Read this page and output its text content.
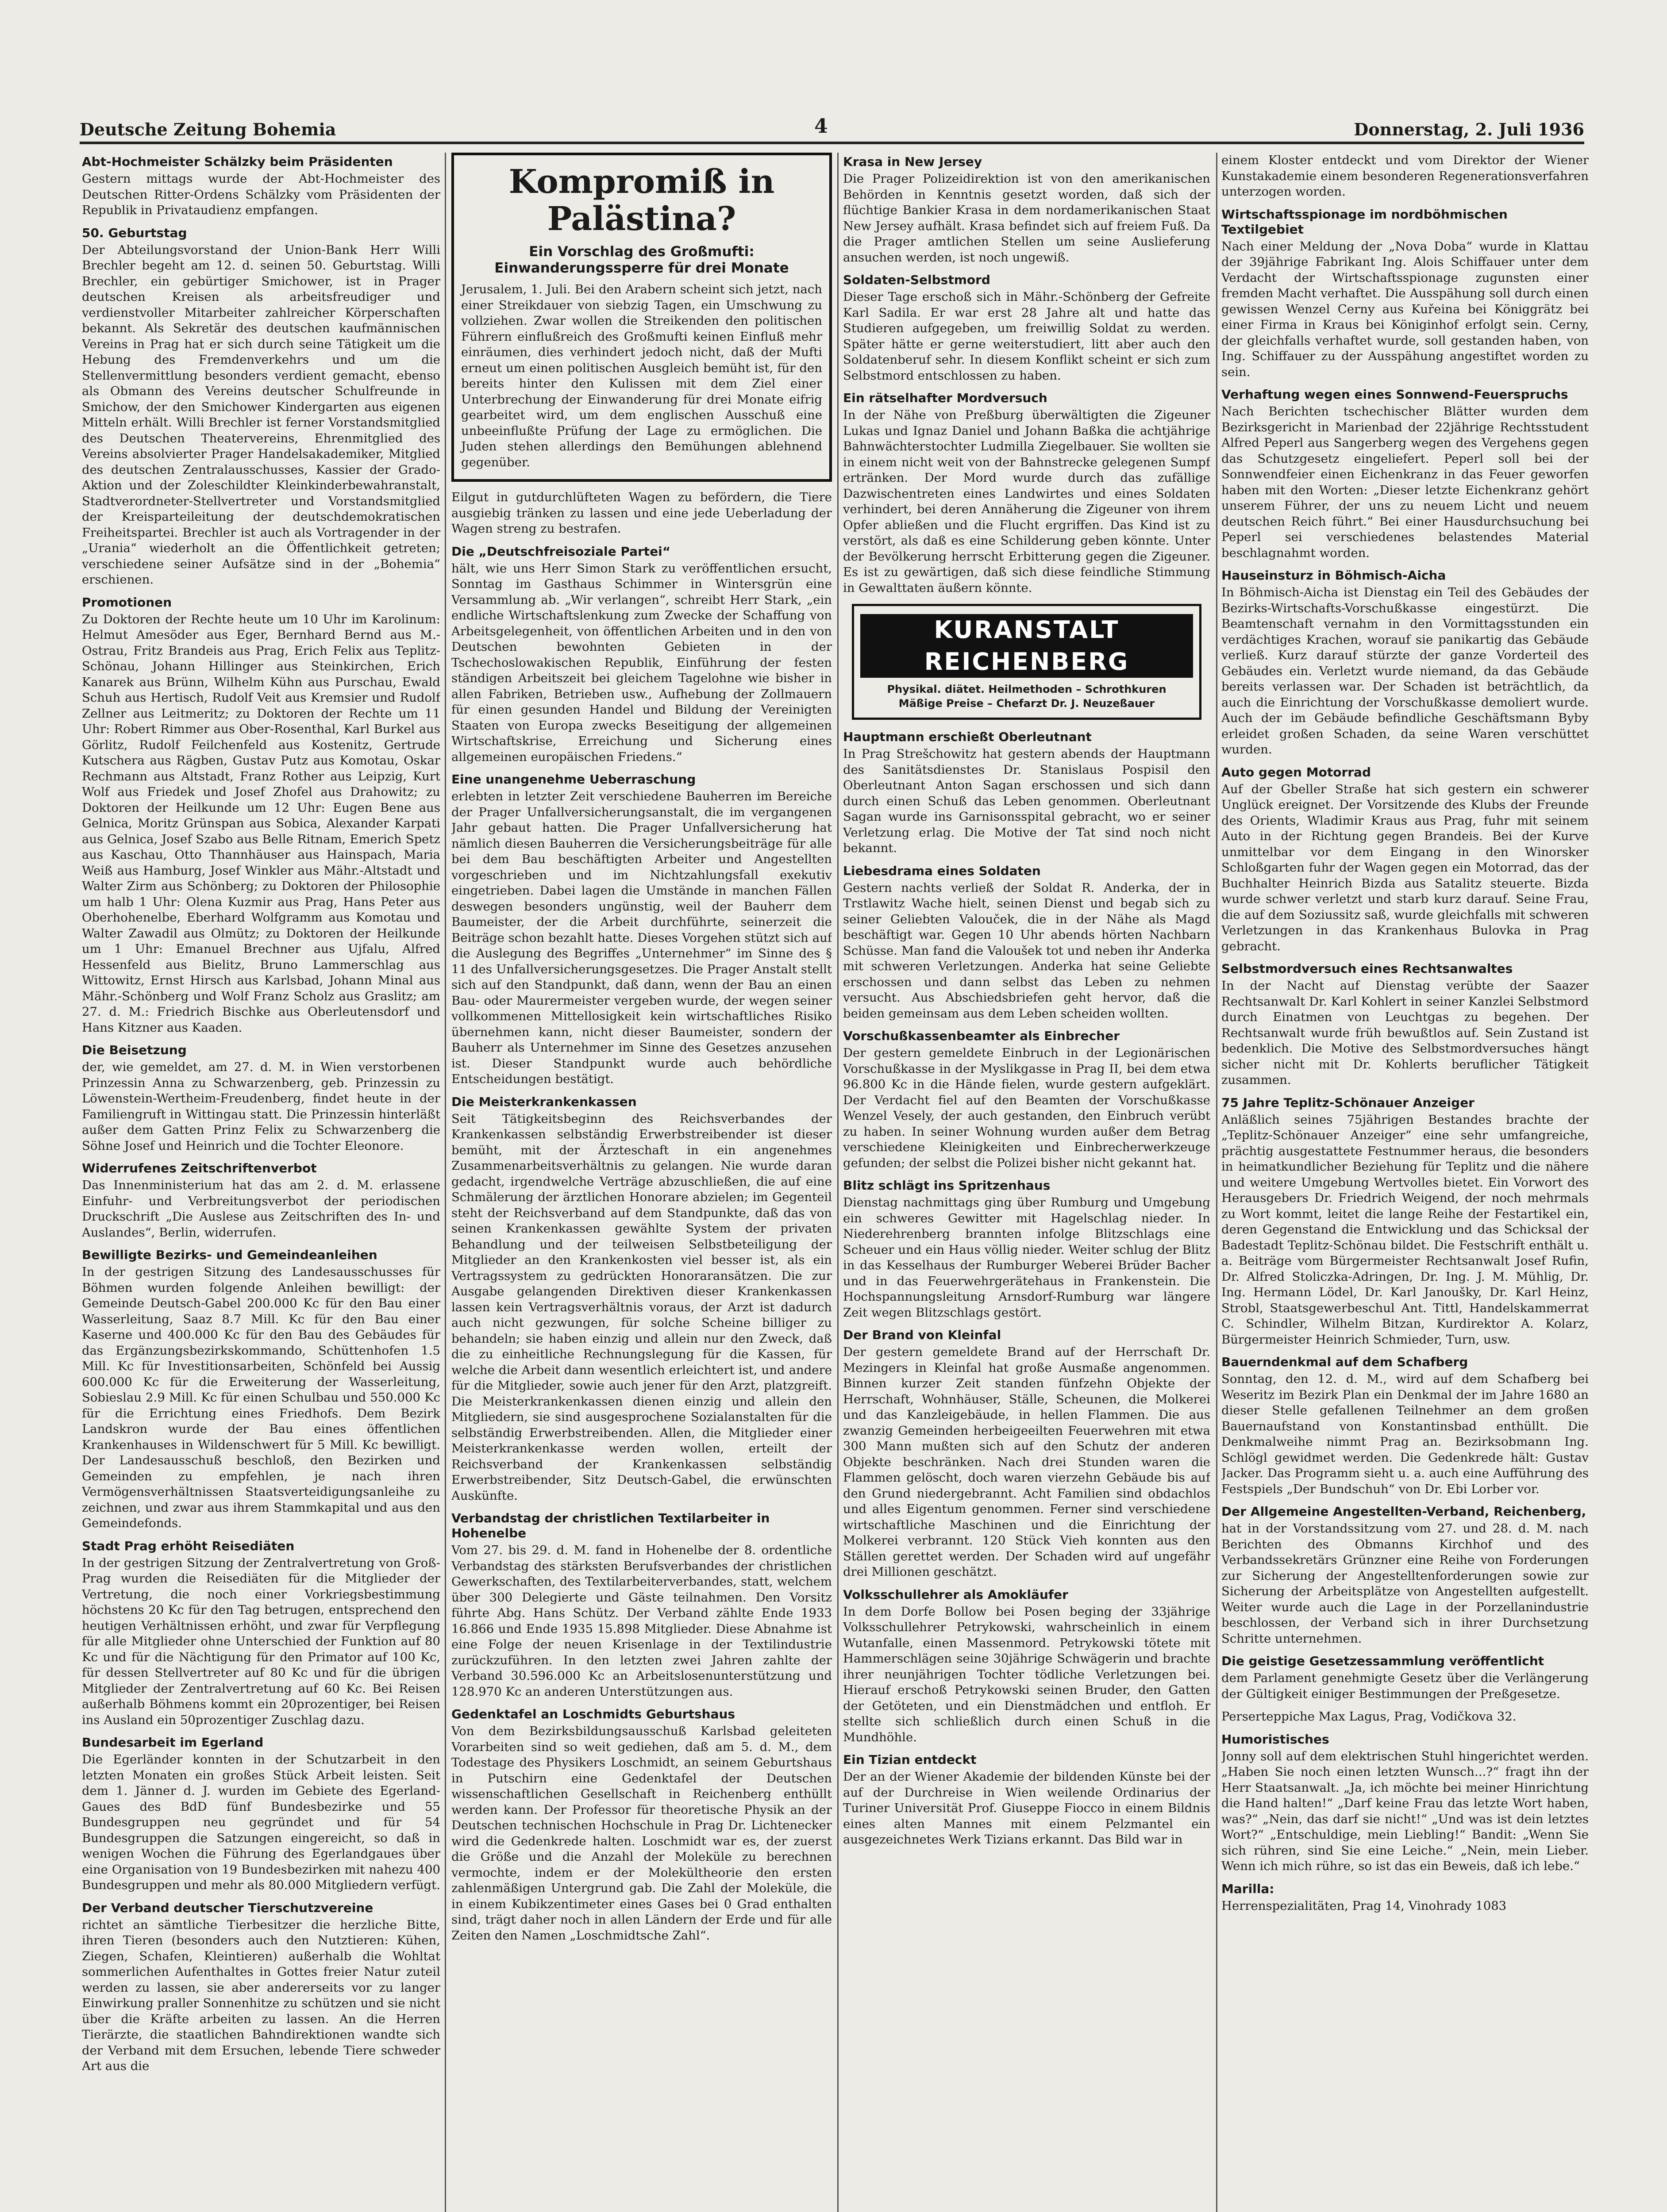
Deutsche Zeitung Bohemia	4	Donnerstag, 2. Juli 1936
Abt-Hochmeister Schälzky beim Präsidenten

Gestern mittags wurde der Abt-Hochmeister des Deutschen Ritter-Ordens Schälzky vom Präsidenten der Republik in Privataudienz empfangen.

50. Geburtstag

Der Abteilungsvorstand der Union-Bank Herr Willi Brechler begeht am 12. d. seinen 50. Geburtstag. Willi Brechler, ein gebürtiger Smichower, ist in Prager deutschen Kreisen als arbeitsfreudiger und verdienstvoller Mitarbeiter zahlreicher Körperschaften bekannt. Als Sekretär des deutschen kaufmännischen Vereins in Prag hat er sich durch seine Tätigkeit um die Hebung des Fremdenverkehrs und um die Stellenvermittlung besonders verdient gemacht, ebenso als Obmann des Vereins deutscher Schulfreunde in Smichow, der den Smichower Kindergarten aus eigenen Mitteln erhält. Willi Brechler ist ferner Vorstandsmitglied des Deutschen Theatervereins, Ehrenmitglied des Vereins absolvierter Prager Handelsakademiker, Mitglied des deutschen Zentralausschusses, Kassier der Grado-Aktion und der Zoleschildter Kleinkinderbewahranstalt, Stadtverordneter-Stellvertreter und Vorstandsmitglied der Kreisparteileitung der deutschdemokratischen Freiheitspartei. Brechler ist auch als Vortragender in der „Urania“ wiederholt an die Öffentlichkeit getreten; verschiedene seiner Aufsätze sind in der „Bohemia“ erschienen.

Promotionen

Zu Doktoren der Rechte heute um 10 Uhr im Karolinum: Helmut Amesöder aus Eger, Bernhard Bernd aus M.-Ostrau, Fritz Brandeis aus Prag, Erich Felix aus Teplitz-Schönau, Johann Hillinger aus Steinkirchen, Erich Kanarek aus Brünn, Wilhelm Kühn aus Purschau, Ewald Schuh aus Hertisch, Rudolf Veit aus Kremsier und Rudolf Zellner aus Leitmeritz; zu Doktoren der Rechte um 11 Uhr: Robert Rimmer aus Ober-Rosenthal, Karl Burkel aus Görlitz, Rudolf Feilchenfeld aus Kostenitz, Gertrude Kutschera aus Rägben, Gustav Putz aus Komotau, Oskar Rechmann aus Altstadt, Franz Rother aus Leipzig, Kurt Wolf aus Friedek und Josef Zhofel aus Drahowitz; zu Doktoren der Heilkunde um 12 Uhr: Eugen Bene aus Gelnica, Moritz Grünspan aus Sobica, Alexander Karpati aus Gelnica, Josef Szabo aus Belle Ritnam, Emerich Spetz aus Kaschau, Otto Thannhäuser aus Hainspach, Maria Weiß aus Hamburg, Josef Winkler aus Mähr.-Altstadt und Walter Zirm aus Schönberg; zu Doktoren der Philosophie um halb 1 Uhr: Olena Kuzmir aus Prag, Hans Peter aus Oberhohenelbe, Eberhard Wolfgramm aus Komotau und Walter Zawadil aus Olmütz; zu Doktoren der Heilkunde um 1 Uhr: Emanuel Brechner aus Ujfalu, Alfred Hessenfeld aus Bielitz, Bruno Lammerschlag aus Wittowitz, Ernst Hirsch aus Karlsbad, Johann Minal aus Mähr.-Schönberg und Wolf Franz Scholz aus Graslitz; am 27. d. M.: Friedrich Bischke aus Oberleutensdorf und Hans Kitzner aus Kaaden.

Die Beisetzung

der, wie gemeldet, am 27. d. M. in Wien verstorbenen Prinzessin Anna zu Schwarzenberg, geb. Prinzessin zu Löwenstein-Wertheim-Freudenberg, findet heute in der Familiengruft in Wittingau statt. Die Prinzessin hinterläßt außer dem Gatten Prinz Felix zu Schwarzenberg die Söhne Josef und Heinrich und die Tochter Eleonore.

Widerrufenes Zeitschriftenverbot

Das Innenministerium hat das am 2. d. M. erlassene Einfuhr- und Verbreitungsverbot der periodischen Druckschrift „Die Auslese aus Zeitschriften des In- und Auslandes“, Berlin, widerrufen.

Bewilligte Bezirks- und Gemeindeanleihen

In der gestrigen Sitzung des Landesausschusses für Böhmen wurden folgende Anleihen bewilligt: der Gemeinde Deutsch-Gabel 200.000 Kc für den Bau einer Wasserleitung, Saaz 8.7 Mill. Kc für den Bau einer Kaserne und 400.000 Kc für den Bau des Gebäudes für das Ergänzungsbezirkskommando, Schüttenhofen 1.5 Mill. Kc für Investitionsarbeiten, Schönfeld bei Aussig 600.000 Kc für die Erweiterung der Wasserleitung, Sobieslau 2.9 Mill. Kc für einen Schulbau und 550.000 Kc für die Errichtung eines Friedhofs. Dem Bezirk Landskron wurde der Bau eines öffentlichen Krankenhauses in Wildenschwert für 5 Mill. Kc bewilligt. Der Landesausschuß beschloß, den Bezirken und Gemeinden zu empfehlen, je nach ihren Vermögensverhältnissen Staatsverteidigungsanleihe zu zeichnen, und zwar aus ihrem Stammkapital und aus den Gemeindefonds.

Stadt Prag erhöht Reisediäten

In der gestrigen Sitzung der Zentralvertretung von Groß-Prag wurden die Reisediäten für die Mitglieder der Vertretung, die noch einer Vorkriegsbestimmung höchstens 20 Kc für den Tag betrugen, entsprechend den heutigen Verhältnissen erhöht, und zwar für Verpflegung für alle Mitglieder ohne Unterschied der Funktion auf 80 Kc und für die Nächtigung für den Primator auf 100 Kc, für dessen Stellvertreter auf 80 Kc und für die übrigen Mitglieder der Zentralvertretung auf 60 Kc. Bei Reisen außerhalb Böhmens kommt ein 20prozentiger, bei Reisen ins Ausland ein 50prozentiger Zuschlag dazu.

Bundesarbeit im Egerland

Die Egerländer konnten in der Schutzarbeit in den letzten Monaten ein großes Stück Arbeit leisten. Seit dem 1. Jänner d. J. wurden im Gebiete des Egerland-Gaues des BdD fünf Bundesbezirke und 55 Bundesgruppen neu gegründet und für 54 Bundesgruppen die Satzungen eingereicht, so daß in wenigen Wochen die Führung des Egerlandgaues über eine Organisation von 19 Bundesbezirken mit nahezu 400 Bundesgruppen und mehr als 80.000 Mitgliedern verfügt.

Der Verband deutscher Tierschutzvereine

richtet an sämtliche Tierbesitzer die herzliche Bitte, ihren Tieren (besonders auch den Nutztieren: Kühen, Ziegen, Schafen, Kleintieren) außerhalb die Wohltat sommerlichen Aufenthaltes in Gottes freier Natur zuteil werden zu lassen, sie aber andererseits vor zu langer Einwirkung praller Sonnenhitze zu schützen und sie nicht über die Kräfte arbeiten zu lassen. An die Herren Tierärzte, die staatlichen Bahndirektionen wandte sich der Verband mit dem Ersuchen, lebende Tiere schweder Art aus die

Kompromiß in Palästina?
Ein Vorschlag des Großmufti: Einwanderungssperre für drei Monate

Jerusalem, 1. Juli. Bei den Arabern scheint sich jetzt, nach einer Streikdauer von siebzig Tagen, ein Umschwung zu vollziehen. Zwar wollen die Streikenden den politischen Führern einflußreich des Großmufti keinen Einfluß mehr einräumen, dies verhindert jedoch nicht, daß der Mufti erneut um einen politischen Ausgleich bemüht ist, für den bereits hinter den Kulissen mit dem Ziel einer Unterbrechung der Einwanderung für drei Monate eifrig gearbeitet wird, um dem englischen Ausschuß eine unbeeinflußte Prüfung der Lage zu ermöglichen. Die Juden stehen allerdings den Bemühungen ablehnend gegenüber.

Eilgut in gutdurchlüfteten Wagen zu befördern, die Tiere ausgiebig tränken zu lassen und eine jede Ueberladung der Wagen streng zu bestrafen.

Die „Deutschfreisoziale Partei“

hält, wie uns Herr Simon Stark zu veröffentlichen ersucht, Sonntag im Gasthaus Schimmer in Wintersgrün eine Versammlung ab. „Wir verlangen“, schreibt Herr Stark, „ein endliche Wirtschaftslenkung zum Zwecke der Schaffung von Arbeitsgelegenheit, von öffentlichen Arbeiten und in den von Deutschen bewohnten Gebieten in der Tschechoslowakischen Republik, Einführung der festen ständigen Arbeitszeit bei gleichem Tagelohne wie bisher in allen Fabriken, Betrieben usw., Aufhebung der Zollmauern für einen gesunden Handel und Bildung der Vereinigten Staaten von Europa zwecks Beseitigung der allgemeinen Wirtschaftskrise, Erreichung und Sicherung eines allgemeinen europäischen Friedens.“

Eine unangenehme Ueberraschung

erlebten in letzter Zeit verschiedene Bauherren im Bereiche der Prager Unfallversicherungsanstalt, die im vergangenen Jahr gebaut hatten. Die Prager Unfallversicherung hat nämlich diesen Bauherren die Versicherungsbeiträge für alle bei dem Bau beschäftigten Arbeiter und Angestellten vorgeschrieben und im Nichtzahlungsfall exekutiv eingetrieben. Dabei lagen die Umstände in manchen Fällen deswegen besonders ungünstig, weil der Bauherr dem Baumeister, der die Arbeit durchführte, seinerzeit die Beiträge schon bezahlt hatte. Dieses Vorgehen stützt sich auf die Auslegung des Begriffes „Unternehmer“ im Sinne des § 11 des Unfallversicherungsgesetzes. Die Prager Anstalt stellt sich auf den Standpunkt, daß dann, wenn der Bau an einen Bau- oder Maurermeister vergeben wurde, der wegen seiner vollkommenen Mittellosigkeit kein wirtschaftliches Risiko übernehmen kann, nicht dieser Baumeister, sondern der Bauherr als Unternehmer im Sinne des Gesetzes anzusehen ist. Dieser Standpunkt wurde auch behördliche Entscheidungen bestätigt.

Die Meisterkrankenkassen

Seit Tätigkeitsbeginn des Reichsverbandes der Krankenkassen selbständig Erwerbstreibender ist dieser bemüht, mit der Ärzteschaft in ein angenehmes Zusammenarbeitsverhältnis zu gelangen. Nie wurde daran gedacht, irgendwelche Verträge abzuschließen, die auf eine Schmälerung der ärztlichen Honorare abzielen; im Gegenteil steht der Reichsverband auf dem Standpunkte, daß das von seinen Krankenkassen gewählte System der privaten Behandlung und der teilweisen Selbstbeteiligung der Mitglieder an den Krankenkosten viel besser ist, als ein Vertragssystem zu gedrückten Honoraransätzen. Die zur Ausgabe gelangenden Direktiven dieser Krankenkassen lassen kein Vertragsverhältnis voraus, der Arzt ist dadurch auch nicht gezwungen, für solche Scheine billiger zu behandeln; sie haben einzig und allein nur den Zweck, daß die zu einheitliche Rechnungslegung für die Kassen, für welche die Arbeit dann wesentlich erleichtert ist, und andere für die Mitglieder, sowie auch jener für den Arzt, platzgreift. Die Meisterkrankenkassen dienen einzig und allein den Mitgliedern, sie sind ausgesprochene Sozialanstalten für die selbständig Erwerbstreibenden. Allen, die Mitglieder einer Meisterkrankenkasse werden wollen, erteilt der Reichsverband der Krankenkassen selbständig Erwerbstreibender, Sitz Deutsch-Gabel, die erwünschten Auskünfte.

Verbandstag der christlichen Textilarbeiter in Hohenelbe

Vom 27. bis 29. d. M. fand in Hohenelbe der 8. ordentliche Verbandstag des stärksten Berufsverbandes der christlichen Gewerkschaften, des Textilarbeiterverbandes, statt, welchem über 300 Delegierte und Gäste teilnahmen. Den Vorsitz führte Abg. Hans Schütz. Der Verband zählte Ende 1933 16.866 und Ende 1935 15.898 Mitglieder. Diese Abnahme ist eine Folge der neuen Krisenlage in der Textilindustrie zurückzuführen. In den letzten zwei Jahren zahlte der Verband 30.596.000 Kc an Arbeitslosenunterstützung und 128.970 Kc an anderen Unterstützungen aus.

Gedenktafel an Loschmidts Geburtshaus

Von dem Bezirksbildungsausschuß Karlsbad geleiteten Vorarbeiten sind so weit gediehen, daß am 5. d. M., dem Todestage des Physikers Loschmidt, an seinem Geburtshaus in Putschirn eine Gedenktafel der Deutschen wissenschaftlichen Gesellschaft in Reichenberg enthüllt werden kann. Der Professor für theoretische Physik an der Deutschen technischen Hochschule in Prag Dr. Lichtenecker wird die Gedenkrede halten. Loschmidt war es, der zuerst die Größe und die Anzahl der Moleküle zu berechnen vermochte, indem er der Molekültheorie den ersten zahlenmäßigen Untergrund gab. Die Zahl der Moleküle, die in einem Kubikzentimeter eines Gases bei 0 Grad enthalten sind, trägt daher noch in allen Ländern der Erde und für alle Zeiten den Namen „Loschmidtsche Zahl“.

Krasa in New Jersey

Die Prager Polizeidirektion ist von den amerikanischen Behörden in Kenntnis gesetzt worden, daß sich der flüchtige Bankier Krasa in dem nordamerikanischen Staat New Jersey aufhält. Krasa befindet sich auf freiem Fuß. Da die Prager amtlichen Stellen um seine Auslieferung ansuchen werden, ist noch ungewiß.

Soldaten-Selbstmord

Dieser Tage erschoß sich in Mähr.-Schönberg der Gefreite Karl Sadila. Er war erst 28 Jahre alt und hatte das Studieren aufgegeben, um freiwillig Soldat zu werden. Später hätte er gerne weiterstudiert, litt aber auch den Soldatenberuf sehr. In diesem Konflikt scheint er sich zum Selbstmord entschlossen zu haben.

Ein rätselhafter Mordversuch

In der Nähe von Preßburg überwältigten die Zigeuner Lukas und Ignaz Daniel und Johann Baßka die achtjährige Bahnwächterstochter Ludmilla Ziegelbauer. Sie wollten sie in einem nicht weit von der Bahnstrecke gelegenen Sumpf ertränken. Der Mord wurde durch das zufällige Dazwischentreten eines Landwirtes und eines Soldaten verhindert, bei deren Annäherung die Zigeuner von ihrem Opfer abließen und die Flucht ergriffen. Das Kind ist zu verstört, als daß es eine Schilderung geben könnte. Unter der Bevölkerung herrscht Erbitterung gegen die Zigeuner. Es ist zu gewärtigen, daß sich diese feindliche Stimmung in Gewalttaten äußern könnte.

KURANSTALT REICHENBERG
Physikal. diätet. Heilmethoden – Schrothkuren
Mäßige Preise – Chefarzt Dr. J. Neuzeßauer
Hauptmann erschießt Oberleutnant

In Prag Strešchowitz hat gestern abends der Hauptmann des Sanitätsdienstes Dr. Stanislaus Pospisil den Oberleutnant Anton Sagan erschossen und sich dann durch einen Schuß das Leben genommen. Oberleutnant Sagan wurde ins Garnisonsspital gebracht, wo er seiner Verletzung erlag. Die Motive der Tat sind noch nicht bekannt.

Liebesdrama eines Soldaten

Gestern nachts verließ der Soldat R. Anderka, der in Trstlawitz Wache hielt, seinen Dienst und begab sich zu seiner Geliebten Valouček, die in der Nähe als Magd beschäftigt war. Gegen 10 Uhr abends hörten Nachbarn Schüsse. Man fand die Valoušek tot und neben ihr Anderka mit schweren Verletzungen. Anderka hat seine Geliebte erschossen und dann selbst das Leben zu nehmen versucht. Aus Abschiedsbriefen geht hervor, daß die beiden gemeinsam aus dem Leben scheiden wollten.

Vorschußkassenbeamter als Einbrecher

Der gestern gemeldete Einbruch in der Legionärischen Vorschußkasse in der Myslikgasse in Prag II, bei dem etwa 96.800 Kc in die Hände fielen, wurde gestern aufgeklärt. Der Verdacht fiel auf den Beamten der Vorschußkasse Wenzel Vesely, der auch gestanden, den Einbruch verübt zu haben. In seiner Wohnung wurden außer dem Betrag verschiedene Kleinigkeiten und Einbrecherwerkzeuge gefunden; der selbst die Polizei bisher nicht gekannt hat.

Blitz schlägt ins Spritzenhaus

Dienstag nachmittags ging über Rumburg und Umgebung ein schweres Gewitter mit Hagelschlag nieder. In Niederehrenberg brannten infolge Blitzschlags eine Scheuer und ein Haus völlig nieder. Weiter schlug der Blitz in das Kesselhaus der Rumburger Weberei Brüder Bacher und in das Feuerwehrgerätehaus in Frankenstein. Die Hochspannungsleitung Arnsdorf-Rumburg war längere Zeit wegen Blitzschlags gestört.

Der Brand von Kleinfal

Der gestern gemeldete Brand auf der Herrschaft Dr. Mezingers in Kleinfal hat große Ausmaße angenommen. Binnen kurzer Zeit standen fünfzehn Objekte der Herrschaft, Wohnhäuser, Ställe, Scheunen, die Molkerei und das Kanzleigebäude, in hellen Flammen. Die aus zwanzig Gemeinden herbeigeeilten Feuerwehren mit etwa 300 Mann mußten sich auf den Schutz der anderen Objekte beschränken. Nach drei Stunden waren die Flammen gelöscht, doch waren vierzehn Gebäude bis auf den Grund niedergebrannt. Acht Familien sind obdachlos und alles Eigentum genommen. Ferner sind verschiedene wirtschaftliche Maschinen und die Einrichtung der Molkerei verbrannt. 120 Stück Vieh konnten aus den Ställen gerettet werden. Der Schaden wird auf ungefähr drei Millionen geschätzt.

Volksschullehrer als Amokläufer

In dem Dorfe Bollow bei Posen beging der 33jährige Volksschullehrer Petrykowski, wahrscheinlich in einem Wutanfalle, einen Massenmord. Petrykowski tötete mit Hammerschlägen seine 30jährige Schwägerin und brachte ihrer neunjährigen Tochter tödliche Verletzungen bei. Hierauf erschoß Petrykowski seinen Bruder, den Gatten der Getöteten, und ein Dienstmädchen und entfloh. Er stellte sich schließlich durch einen Schuß in die Mundhöhle.

Ein Tizian entdeckt

Der an der Wiener Akademie der bildenden Künste bei der auf der Durchreise in Wien weilende Ordinarius der Turiner Universität Prof. Giuseppe Fiocco in einem Bildnis eines alten Mannes mit einem Pelzmantel ein ausgezeichnetes Werk Tizians erkannt. Das Bild war in

einem Kloster entdeckt und vom Direktor der Wiener Kunstakademie einem besonderen Regenerationsverfahren unterzogen worden.

Wirtschaftsspionage im nordböhmischen Textilgebiet

Nach einer Meldung der „Nova Doba“ wurde in Klattau der 39jährige Fabrikant Ing. Alois Schiffauer unter dem Verdacht der Wirtschaftsspionage zugunsten einer fremden Macht verhaftet. Die Ausspähung soll durch einen gewissen Wenzel Cerny aus Kuřeina bei Königgrätz bei einer Firma in Kraus bei Königinhof erfolgt sein. Cerny, der gleichfalls verhaftet wurde, soll gestanden haben, von Ing. Schiffauer zu der Ausspähung angestiftet worden zu sein.

Verhaftung wegen eines Sonnwend-Feuerspruchs

Nach Berichten tschechischer Blätter wurden dem Bezirksgericht in Marienbad der 22jährige Rechtsstudent Alfred Peperl aus Sangerberg wegen des Vergehens gegen das Schutzgesetz eingeliefert. Peperl soll bei der Sonnwendfeier einen Eichenkranz in das Feuer geworfen haben mit den Worten: „Dieser letzte Eichenkranz gehört unserem Führer, der uns zu neuem Licht und neuem deutschen Reich führt.“ Bei einer Hausdurchsuchung bei Peperl sei verschiedenes belastendes Material beschlagnahmt worden.

Hauseinsturz in Böhmisch-Aicha

In Böhmisch-Aicha ist Dienstag ein Teil des Gebäudes der Bezirks-Wirtschafts-Vorschußkasse eingestürzt. Die Beamtenschaft vernahm in den Vormittagsstunden ein verdächtiges Krachen, worauf sie panikartig das Gebäude verließ. Kurz darauf stürzte der ganze Vorderteil des Gebäudes ein. Verletzt wurde niemand, da das Gebäude bereits verlassen war. Der Schaden ist beträchtlich, da auch die Einrichtung der Vorschußkasse demoliert wurde. Auch der im Gebäude befindliche Geschäftsmann Byby erleidet großen Schaden, da seine Waren verschüttet wurden.

Auto gegen Motorrad

Auf der Gbeller Straße hat sich gestern ein schwerer Unglück ereignet. Der Vorsitzende des Klubs der Freunde des Orients, Wladimir Kraus aus Prag, fuhr mit seinem Auto in der Richtung gegen Brandeis. Bei der Kurve unmittelbar vor dem Eingang in den Winorsker Schloßgarten fuhr der Wagen gegen ein Motorrad, das der Buchhalter Heinrich Bizda aus Satalitz steuerte. Bizda wurde schwer verletzt und starb kurz darauf. Seine Frau, die auf dem Soziussitz saß, wurde gleichfalls mit schweren Verletzungen in das Krankenhaus Bulovka in Prag gebracht.

Selbstmordversuch eines Rechtsanwaltes

In der Nacht auf Dienstag verübte der Saazer Rechtsanwalt Dr. Karl Kohlert in seiner Kanzlei Selbstmord durch Einatmen von Leuchtgas zu begehen. Der Rechtsanwalt wurde früh bewußtlos auf. Sein Zustand ist bedenklich. Die Motive des Selbstmordversuches hängt sicher nicht mit Dr. Kohlerts beruflicher Tätigkeit zusammen.

75 Jahre Teplitz-Schönauer Anzeiger

Anläßlich seines 75jährigen Bestandes brachte der „Teplitz-Schönauer Anzeiger“ eine sehr umfangreiche, prächtig ausgestattete Festnummer heraus, die besonders in heimatkundlicher Beziehung für Teplitz und die nähere und weitere Umgebung Wertvolles bietet. Ein Vorwort des Herausgebers Dr. Friedrich Weigend, der noch mehrmals zu Wort kommt, leitet die lange Reihe der Festartikel ein, deren Gegenstand die Entwicklung und das Schicksal der Badestadt Teplitz-Schönau bildet. Die Festschrift enthält u. a. Beiträge vom Bürgermeister Rechtsanwalt Josef Rufin, Dr. Alfred Stoliczka-Adringen, Dr. Ing. J. M. Mühlig, Dr. Ing. Hermann Lödel, Dr. Karl Janoušky, Dr. Karl Heinz, Strobl, Staatsgewerbeschul Ant. Tittl, Handelskammerrat C. Schindler, Wilhelm Bitzan, Kurdirektor A. Kolarz, Bürgermeister Heinrich Schmieder, Turn, usw.

Bauerndenkmal auf dem Schafberg

Sonntag, den 12. d. M., wird auf dem Schafberg bei Weseritz im Bezirk Plan ein Denkmal der im Jahre 1680 an dieser Stelle gefallenen Teilnehmer an dem großen Bauernaufstand von Konstantinsbad enthüllt. Die Denkmalweihe nimmt Prag an. Bezirksobmann Ing. Schlögl gewidmet werden. Die Gedenkrede hält: Gustav Jacker. Das Programm sieht u. a. auch eine Aufführung des Festspiels „Der Bundschuh“ von Dr. Ebi Lorber vor.

Der Allgemeine Angestellten-Verband, Reichenberg,

hat in der Vorstandssitzung vom 27. und 28. d. M. nach Berichten des Obmanns Kirchhof und des Verbandssekretärs Grünzner eine Reihe von Forderungen zur Sicherung der Angestelltenforderungen sowie zur Sicherung der Arbeitsplätze von Angestellten aufgestellt. Weiter wurde auch die Lage in der Porzellanindustrie beschlossen, der Verband sich in ihrer Durchsetzung Schritte unternehmen.

Die geistige Gesetzessammlung veröffentlicht

dem Parlament genehmigte Gesetz über die Verlängerung der Gültigkeit einiger Bestimmungen der Preßgesetze.

Perserteppiche Max Lagus, Prag, Vodičkova 32.

Humoristisches

Jonny soll auf dem elektrischen Stuhl hingerichtet werden. „Haben Sie noch einen letzten Wunsch...?“ fragt ihn der Herr Staatsanwalt. „Ja, ich möchte bei meiner Hinrichtung die Hand halten!“ „Darf keine Frau das letzte Wort haben, was?“ „Nein, das darf sie nicht!“ „Und was ist dein letztes Wort?“ „Entschuldige, mein Liebling!“ Bandit: „Wenn Sie sich rühren, sind Sie eine Leiche.“ „Nein, mein Lieber. Wenn ich mich rühre, so ist das ein Beweis, daß ich lebe.“

Marilla:

Herrenspezialitäten, Prag 14, Vinohrady 1083
